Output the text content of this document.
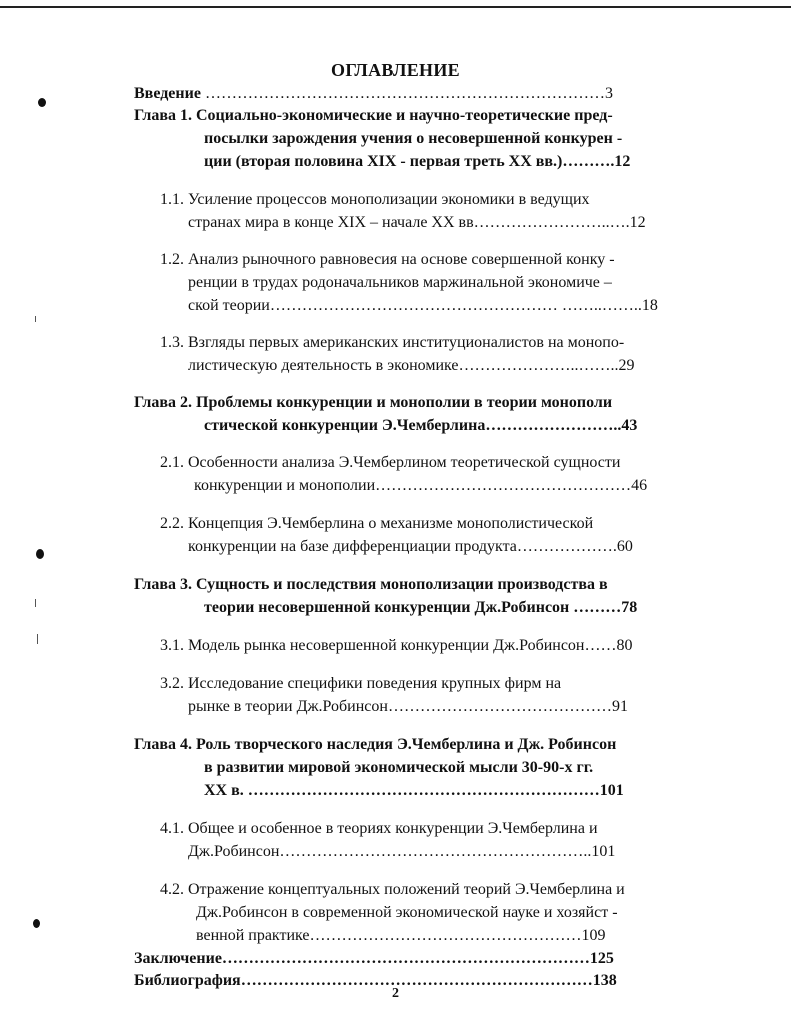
ОГЛАВЛЕНИЕ
Введение …………………………………………………………………3
Глава 1. Социально-экономические и научно-теоретические пред-
посылки зарождения учения о несовершенной конкурен -
ции (вторая половина XIX - первая треть XX вв.)……….12
1.1. Усиление процессов монополизации экономики в ведущих
странах мира в конце XIX – начале XX вв……………………..….12
1.2. Анализ рыночного равновесия на основе совершенной конку -
ренции в трудах родоначальников маржинальной экономиче –
ской теории……………………………………………… ……..……..18
1.3. Взгляды первых американских институционалистов на монопо-
листическую деятельность в экономике…………………..……..29
Глава 2. Проблемы конкуренции и монополии в теории монополи
стической конкуренции Э.Чемберлина……………………..43
2.1. Особенности анализа Э.Чемберлином теоретической сущности
конкуренции и монополии…………………………………………46
2.2. Концепция Э.Чемберлина о механизме монополистической
конкуренции на базе дифференциации продукта……………….60
Глава 3. Сущность и последствия монополизации производства в
теории несовершенной конкуренции Дж.Робинсон ………78
3.1. Модель рынка несовершенной конкуренции Дж.Робинсон……80
3.2. Исследование специфики поведения крупных фирм на
рынке в теории Дж.Робинсон……………………………………91
Глава 4. Роль творческого наследия Э.Чемберлина и Дж. Робинсон
в развитии мировой экономической мысли 30-90-х гг.
XX в. …………………………………………………………101
4.1. Общее и особенное в теориях конкуренции Э.Чемберлина и
Дж.Робинсон…………………………………………………..101
4.2. Отражение концептуальных положений теорий Э.Чемберлина и
Дж.Робинсон в современной экономической науке и хозяйст -
венной практике……………………………………………109
Заключение……………………………………………………………125
Библиография…………………………………………………………138
2
